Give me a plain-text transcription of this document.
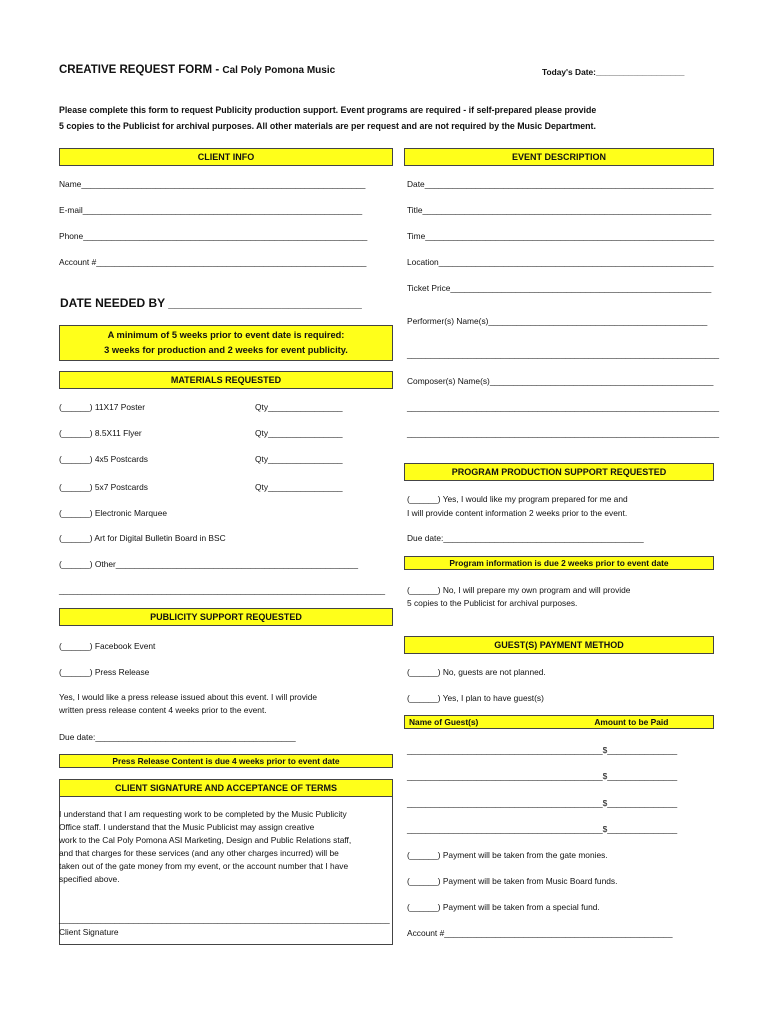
CREATIVE REQUEST FORM - Cal Poly Pomona Music	Today's Date:___________________
Please complete this form to request Publicity production support. Event programs are required - if self-prepared please provide
5 copies to the Publicist for archival purposes. All other materials are per request and are not required by the Music Department.
CLIENT INFO
Name_____________________________________________________________
E-mail____________________________________________________________
Phone_____________________________________________________________
Account #__________________________________________________________
DATE NEEDED BY _____________________________
A minimum of 5 weeks prior to event date is required:
3 weeks for production and 2 weeks for event publicity.
MATERIALS REQUESTED
(______) 11X17 Poster	Qty________________
(______) 8.5X11 Flyer	Qty________________
(______) 4x5 Postcards	Qty________________
(______) 5x7 Postcards	Qty________________
(______) Electronic Marquee
(______) Art for Digital Bulletin Board in BSC
(______) Other____________________________________________________
______________________________________________________________________
PUBLICITY SUPPORT REQUESTED
(______) Facebook Event
(______) Press Release
Yes, I would like a press release issued about this event. I will provide
written press release content 4 weeks prior to the event.
Due date:___________________________________________
Press Release Content is due 4 weeks prior to event date
CLIENT SIGNATURE AND ACCEPTANCE OF TERMS
I understand that I am requesting work to be completed by the Music Publicity
Office staff. I understand that the Music Publicist may assign creative
work to the Cal Poly Pomona ASI Marketing, Design and Public Relations staff,
and that charges for these services (and any other charges incurred) will be
taken out of the gate money from my event, or the account number that I have
specified above.
_______________________________________________________________________
Client Signature
EVENT DESCRIPTION
Date______________________________________________________________
Title______________________________________________________________
Time______________________________________________________________
Location___________________________________________________________
Ticket Price________________________________________________________
Performer(s) Name(s)_______________________________________________
___________________________________________________________________
Composer(s) Name(s)________________________________________________
___________________________________________________________________
___________________________________________________________________
PROGRAM PRODUCTION SUPPORT REQUESTED
(______) Yes, I would like my program prepared for me and
I will provide content information 2 weeks prior to the event.
Due date:___________________________________________
Program information is due 2 weeks prior to event date
(______) No, I will prepare my own program and will provide
5 copies to the Publicist for archival purposes.
GUEST(S) PAYMENT METHOD
(______) No, guests are not planned.
(______) Yes, I plan to have guest(s)
Name of Guest(s)	Amount to be Paid
__________________________________________$_______________
__________________________________________$_______________
__________________________________________$_______________
__________________________________________$_______________
(______) Payment will be taken from the gate monies.
(______) Payment will be taken from Music Board funds.
(______) Payment will be taken from a special fund.
Account #_________________________________________________
